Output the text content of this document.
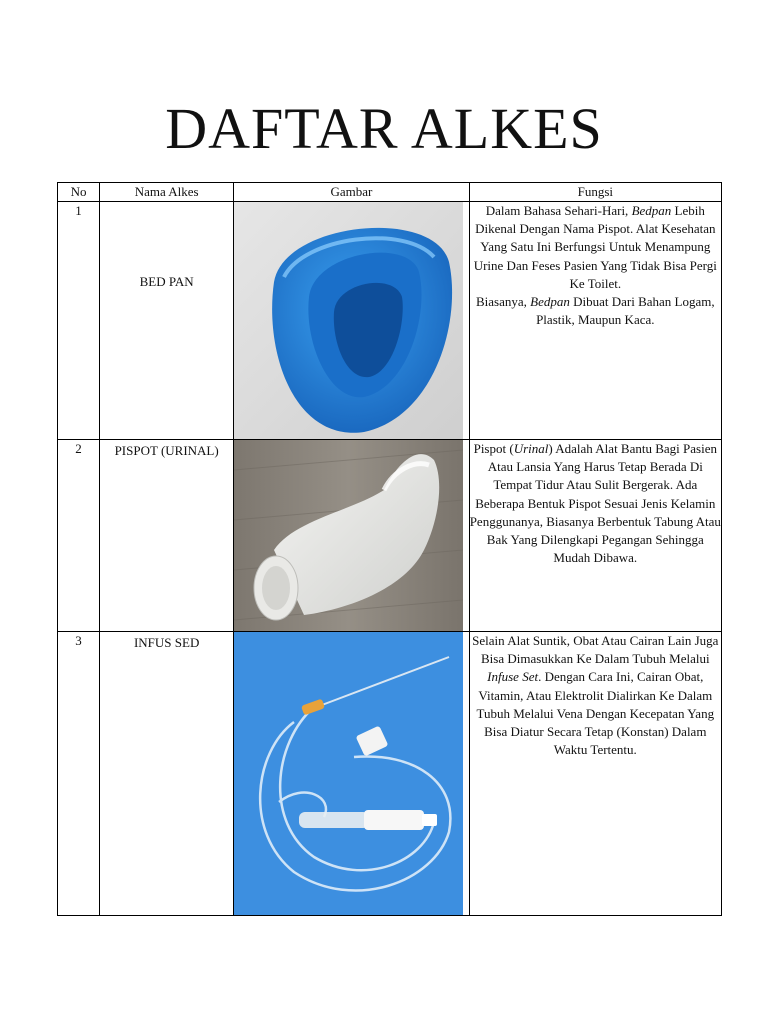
DAFTAR ALKES
No	Nama Alkes	Gambar	Fungsi
1	BED PAN		Dalam Bahasa Sehari-Hari, Bedpan Lebih Dikenal Dengan Nama Pispot. Alat Kesehatan Yang Satu Ini Berfungsi Untuk Menampung Urine Dan Feses Pasien Yang Tidak Bisa Pergi Ke Toilet.
Biasanya, Bedpan Dibuat Dari Bahan Logam, Plastik, Maupun Kaca.
2	PISPOT (URINAL)		Pispot (Urinal) Adalah Alat Bantu Bagi Pasien Atau Lansia Yang Harus Tetap Berada Di Tempat Tidur Atau Sulit Bergerak. Ada Beberapa Bentuk Pispot Sesuai Jenis Kelamin Penggunanya, Biasanya Berbentuk Tabung Atau Bak Yang Dilengkapi Pegangan Sehingga Mudah Dibawa.
3	INFUS SED		Selain Alat Suntik, Obat Atau Cairan Lain Juga Bisa Dimasukkan Ke Dalam Tubuh Melalui Infuse Set. Dengan Cara Ini, Cairan Obat, Vitamin, Atau Elektrolit Dialirkan Ke Dalam Tubuh Melalui Vena Dengan Kecepatan Yang Bisa Diatur Secara Tetap (Konstan) Dalam Waktu Tertentu.
